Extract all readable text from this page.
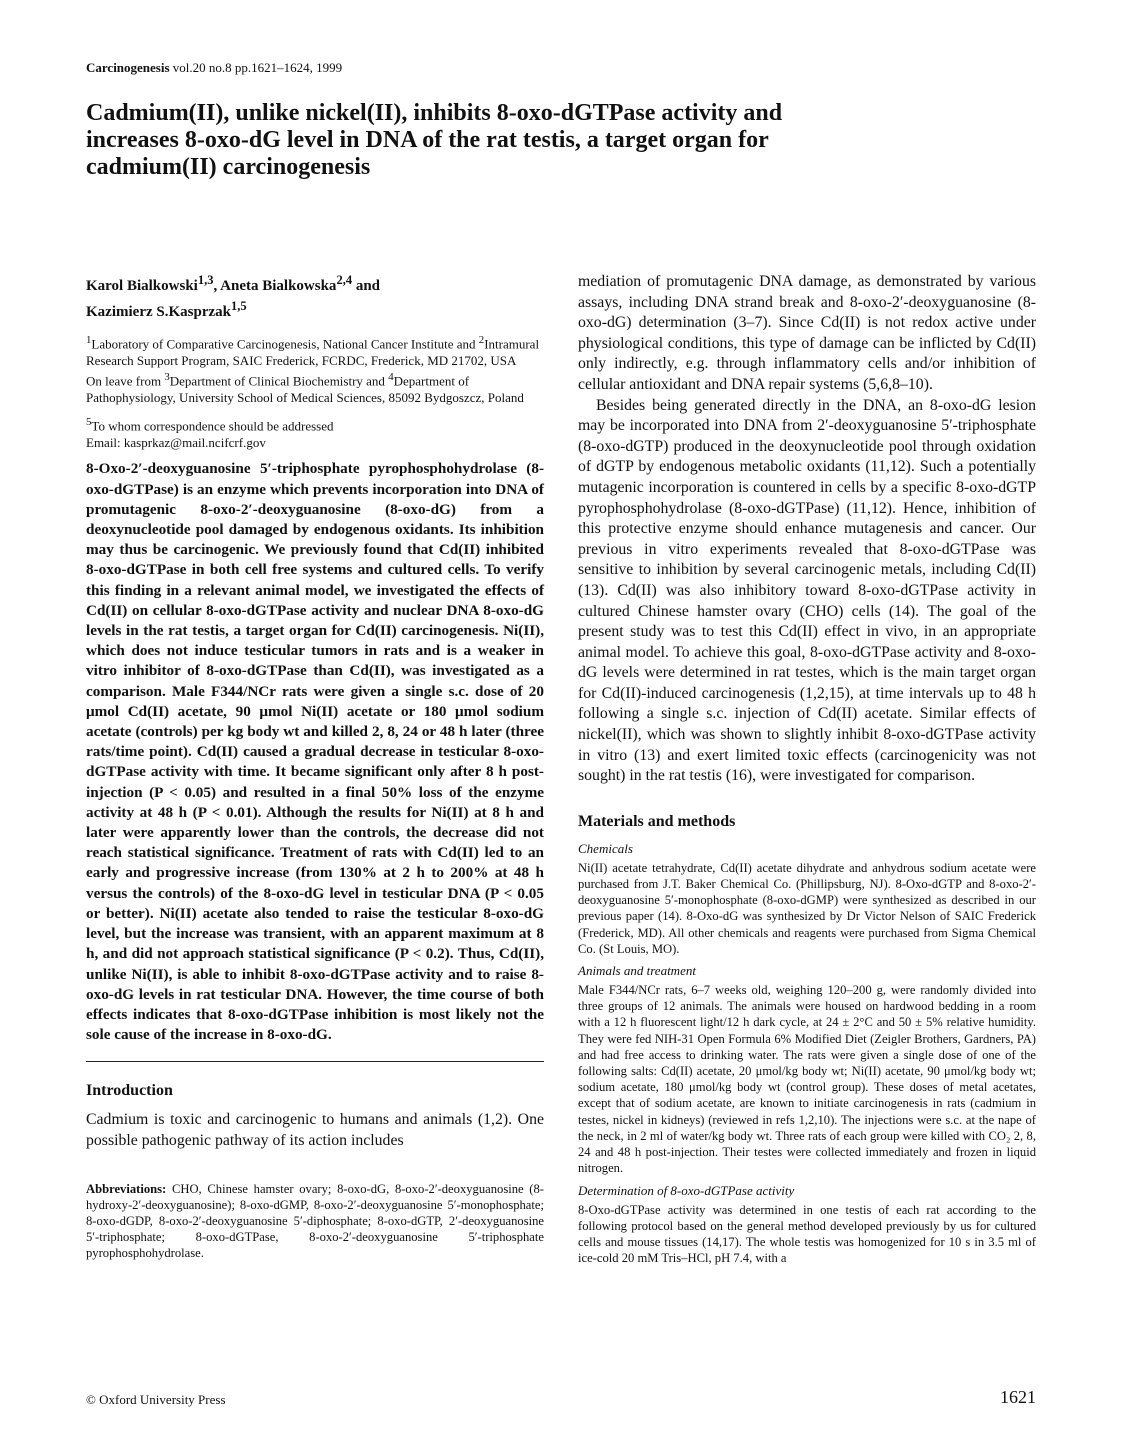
Carcinogenesis vol.20 no.8 pp.1621–1624, 1999
Cadmium(II), unlike nickel(II), inhibits 8-oxo-dGTPase activity and increases 8-oxo-dG level in DNA of the rat testis, a target organ for cadmium(II) carcinogenesis

Karol Bialkowski$^{1,3}$, Aneta Bialkowska$^{2,4}$ and
Kazimierz S.Kasprzak$^{1,5}$

$^1$Laboratory of Comparative Carcinogenesis, National Cancer Institute and $^2$Intramural Research Support Program, SAIC Frederick, FCRDC, Frederick, MD 21702, USA
On leave from $^3$Department of Clinical Biochemistry and $^4$Department of Pathophysiology, University School of Medical Sciences, 85092 Bydgoszcz, Poland

$^5$To whom correspondence should be addressed
Email: kasprkaz@mail.ncifcrf.gov

8-Oxo-2′-deoxyguanosine 5′-triphosphate pyrophosphohydrolase (8-oxo-dGTPase) is an enzyme which prevents incorporation into DNA of promutagenic 8-oxo-2′-deoxyguanosine (8-oxo-dG) from a deoxynucleotide pool damaged by endogenous oxidants. Its inhibition may thus be carcinogenic. We previously found that Cd(II) inhibited 8-oxo-dGTPase in both cell free systems and cultured cells. To verify this finding in a relevant animal model, we investigated the effects of Cd(II) on cellular 8-oxo-dGTPase activity and nuclear DNA 8-oxo-dG levels in the rat testis, a target organ for Cd(II) carcinogenesis. Ni(II), which does not induce testicular tumors in rats and is a weaker in vitro inhibitor of 8-oxo-dGTPase than Cd(II), was investigated as a comparison. Male F344/NCr rats were given a single s.c. dose of 20 μmol Cd(II) acetate, 90 μmol Ni(II) acetate or 180 μmol sodium acetate (controls) per kg body wt and killed 2, 8, 24 or 48 h later (three rats/time point). Cd(II) caused a gradual decrease in testicular 8-oxo-dGTPase activity with time. It became significant only after 8 h post-injection (P < 0.05) and resulted in a final 50% loss of the enzyme activity at 48 h (P < 0.01). Although the results for Ni(II) at 8 h and later were apparently lower than the controls, the decrease did not reach statistical significance. Treatment of rats with Cd(II) led to an early and progressive increase (from 130% at 2 h to 200% at 48 h versus the controls) of the 8-oxo-dG level in testicular DNA (P < 0.05 or better). Ni(II) acetate also tended to raise the testicular 8-oxo-dG level, but the increase was transient, with an apparent maximum at 8 h, and did not approach statistical significance (P < 0.2). Thus, Cd(II), unlike Ni(II), is able to inhibit 8-oxo-dGTPase activity and to raise 8-oxo-dG levels in rat testicular DNA. However, the time course of both effects indicates that 8-oxo-dGTPase inhibition is most likely not the sole cause of the increase in 8-oxo-dG.

Introduction

Cadmium is toxic and carcinogenic to humans and animals (1,2). One possible pathogenic pathway of its action includes

Abbreviations: CHO, Chinese hamster ovary; 8-oxo-dG, 8-oxo-2′-deoxyguanosine (8-hydroxy-2′-deoxyguanosine); 8-oxo-dGMP, 8-oxo-2′-deoxyguanosine 5′-monophosphate; 8-oxo-dGDP, 8-oxo-2′-deoxyguanosine 5′-diphosphate; 8-oxo-dGTP, 2′-deoxyguanosine 5′-triphosphate; 8-oxo-dGTPase, 8-oxo-2′-deoxyguanosine 5′-triphosphate pyrophosphohydrolase.

mediation of promutagenic DNA damage, as demonstrated by various assays, including DNA strand break and 8-oxo-2′-deoxyguanosine (8-oxo-dG) determination (3–7). Since Cd(II) is not redox active under physiological conditions, this type of damage can be inflicted by Cd(II) only indirectly, e.g. through inflammatory cells and/or inhibition of cellular antioxidant and DNA repair systems (5,6,8–10).

Besides being generated directly in the DNA, an 8-oxo-dG lesion may be incorporated into DNA from 2′-deoxyguanosine 5′-triphosphate (8-oxo-dGTP) produced in the deoxynucleotide pool through oxidation of dGTP by endogenous metabolic oxidants (11,12). Such a potentially mutagenic incorporation is countered in cells by a specific 8-oxo-dGTP pyrophosphohydrolase (8-oxo-dGTPase) (11,12). Hence, inhibition of this protective enzyme should enhance mutagenesis and cancer. Our previous in vitro experiments revealed that 8-oxo-dGTPase was sensitive to inhibition by several carcinogenic metals, including Cd(II) (13). Cd(II) was also inhibitory toward 8-oxo-dGTPase activity in cultured Chinese hamster ovary (CHO) cells (14). The goal of the present study was to test this Cd(II) effect in vivo, in an appropriate animal model. To achieve this goal, 8-oxo-dGTPase activity and 8-oxo-dG levels were determined in rat testes, which is the main target organ for Cd(II)-induced carcinogenesis (1,2,15), at time intervals up to 48 h following a single s.c. injection of Cd(II) acetate. Similar effects of nickel(II), which was shown to slightly inhibit 8-oxo-dGTPase activity in vitro (13) and exert limited toxic effects (carcinogenicity was not sought) in the rat testis (16), were investigated for comparison.

Materials and methods
Chemicals

Ni(II) acetate tetrahydrate, Cd(II) acetate dihydrate and anhydrous sodium acetate were purchased from J.T. Baker Chemical Co. (Phillipsburg, NJ). 8-Oxo-dGTP and 8-oxo-2′-deoxyguanosine 5′-monophosphate (8-oxo-dGMP) were synthesized as described in our previous paper (14). 8-Oxo-dG was synthesized by Dr Victor Nelson of SAIC Frederick (Frederick, MD). All other chemicals and reagents were purchased from Sigma Chemical Co. (St Louis, MO).

Animals and treatment

Male F344/NCr rats, 6–7 weeks old, weighing 120–200 g, were randomly divided into three groups of 12 animals. The animals were housed on hardwood bedding in a room with a 12 h fluorescent light/12 h dark cycle, at 24 ± 2°C and 50 ± 5% relative humidity. They were fed NIH-31 Open Formula 6% Modified Diet (Zeigler Brothers, Gardners, PA) and had free access to drinking water. The rats were given a single dose of one of the following salts: Cd(II) acetate, 20 μmol/kg body wt; Ni(II) acetate, 90 μmol/kg body wt; sodium acetate, 180 μmol/kg body wt (control group). These doses of metal acetates, except that of sodium acetate, are known to initiate carcinogenesis in rats (cadmium in testes, nickel in kidneys) (reviewed in refs 1,2,10). The injections were s.c. at the nape of the neck, in 2 ml of water/kg body wt. Three rats of each group were killed with CO₂ 2, 8, 24 and 48 h post-injection. Their testes were collected immediately and frozen in liquid nitrogen.

Determination of 8-oxo-dGTPase activity

8-Oxo-dGTPase activity was determined in one testis of each rat according to the following protocol based on the general method developed previously by us for cultured cells and mouse tissues (14,17). The whole testis was homogenized for 10 s in 3.5 ml of ice-cold 20 mM Tris–HCl, pH 7.4, with a

© Oxford University Press	1621
